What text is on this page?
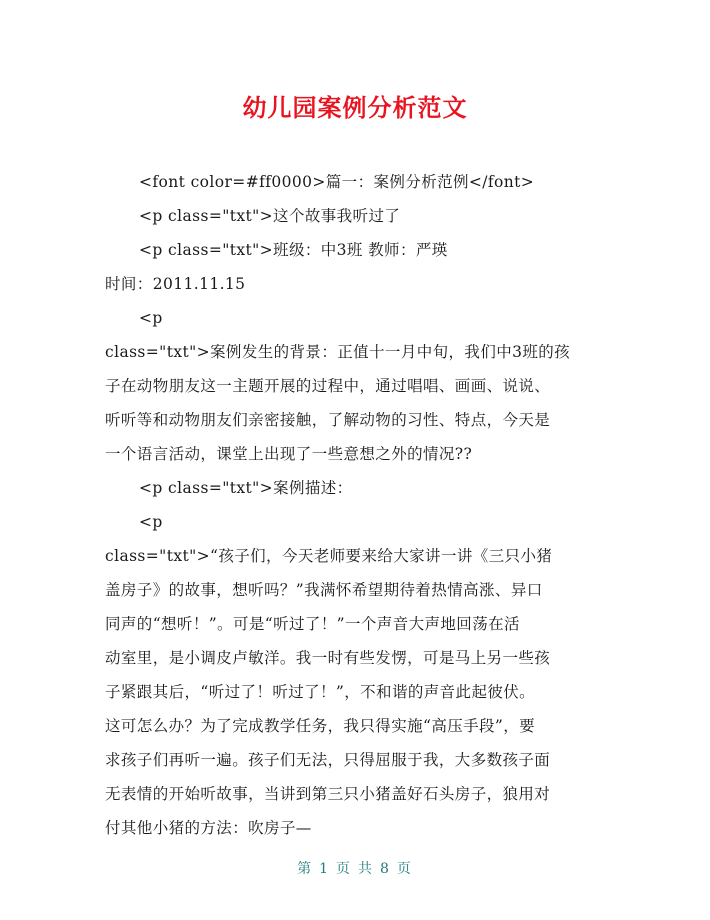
幼儿园案例分析范文
<font color=#ff0000>篇一：案例分析范例</font>
<p class="txt">这个故事我听过了
<p class="txt">班级：中3班 教师：严瑛
时间：2011.11.15
<p
class="txt">案例发生的背景：正值十一月中旬，我们中3班的孩
子在动物朋友这一主题开展的过程中，通过唱唱、画画、说说、
听听等和动物朋友们亲密接触，了解动物的习性、特点，今天是
一个语言活动，课堂上出现了一些意想之外的情况??
<p class="txt">案例描述：
<p
class="txt">“孩子们，今天老师要来给大家讲一讲《三只小猪
盖房子》的故事，想听吗？”我满怀希望期待着热情高涨、异口
同声的“想听！”。可是“听过了！”一个声音大声地回荡在活
动室里，是小调皮卢敏洋。我一时有些发愣，可是马上另一些孩
子紧跟其后，“听过了！听过了！”，不和谐的声音此起彼伏。
这可怎么办？为了完成教学任务，我只得实施“高压手段”，要
求孩子们再听一遍。孩子们无法，只得屈服于我，大多数孩子面
无表情的开始听故事，当讲到第三只小猪盖好石头房子，狼用对
付其他小猪的方法：吹房子—
第 1 页 共 8 页
